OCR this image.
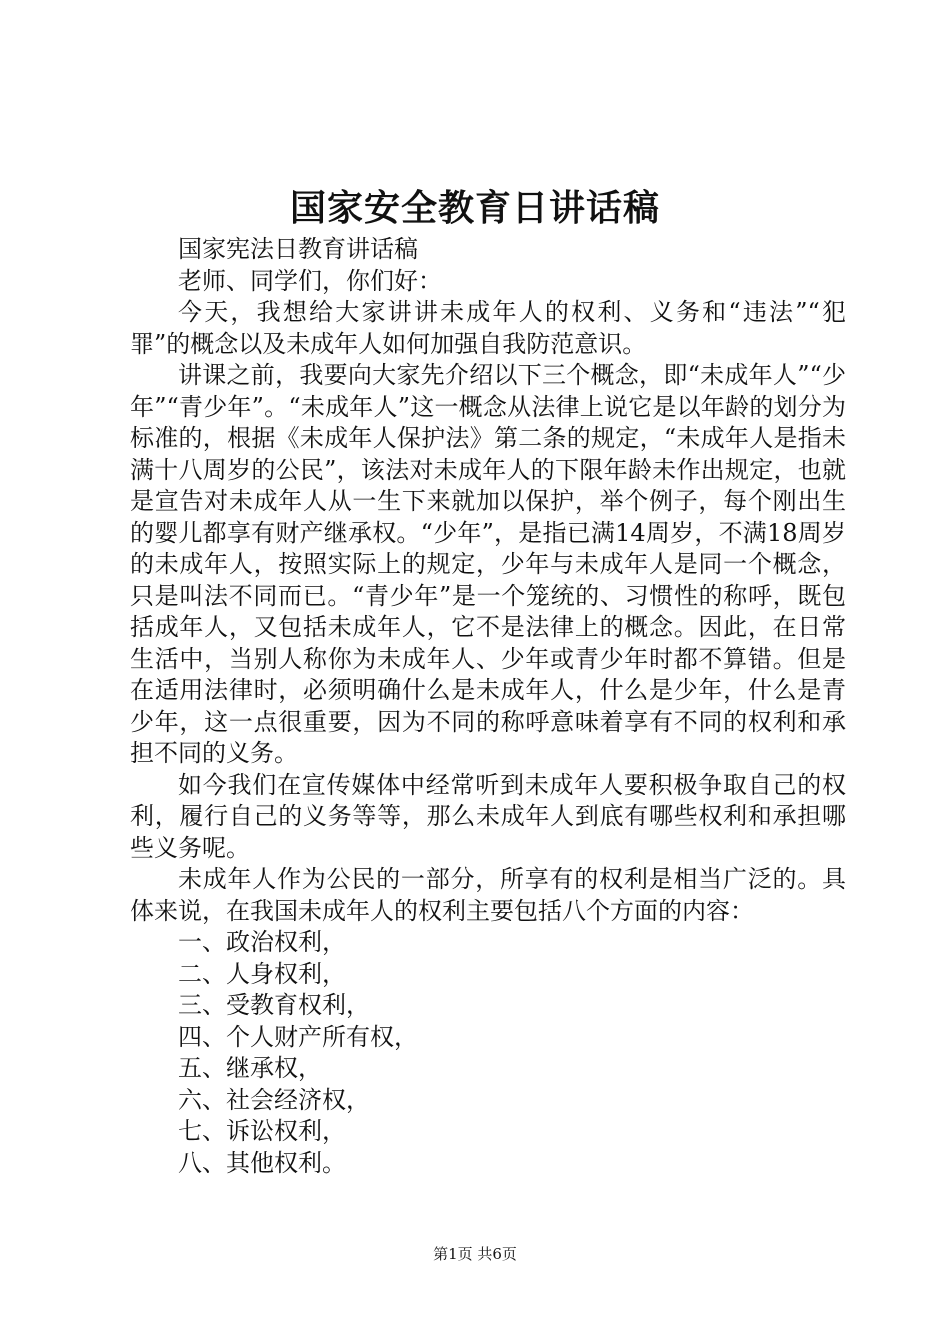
国家安全教育日讲话稿

国家宪法日教育讲话稿

老师、同学们，你们好：

今天，我想给大家讲讲未成年人的权利、义务和“违法”“犯罪”的概念以及未成年人如何加强自我防范意识。

讲课之前，我要向大家先介绍以下三个概念，即“未成年人”“少年”“青少年”。“未成年人”这一概念从法律上说它是以年龄的划分为标准的，根据《未成年人保护法》第二条的规定，“未成年人是指未满十八周岁的公民”，该法对未成年人的下限年龄未作出规定，也就是宣告对未成年人从一生下来就加以保护，举个例子，每个刚出生的婴儿都享有财产继承权。“少年”，是指已满14周岁，不满18周岁的未成年人，按照实际上的规定，少年与未成年人是同一个概念，只是叫法不同而已。“青少年”是一个笼统的、习惯性的称呼，既包括成年人，又包括未成年人，它不是法律上的概念。因此，在日常生活中，当别人称你为未成年人、少年或青少年时都不算错。但是在适用法律时，必须明确什么是未成年人，什么是少年，什么是青少年，这一点很重要，因为不同的称呼意味着享有不同的权利和承担不同的义务。

如今我们在宣传媒体中经常听到未成年人要积极争取自己的权利，履行自己的义务等等，那么未成年人到底有哪些权利和承担哪些义务呢。

未成年人作为公民的一部分，所享有的权利是相当广泛的。具体来说，在我国未成年人的权利主要包括八个方面的内容：

一、政治权利，

二、人身权利，

三、受教育权利，

四、个人财产所有权，

五、继承权，

六、社会经济权，

七、诉讼权利，

八、其他权利。

第1页 共6页
